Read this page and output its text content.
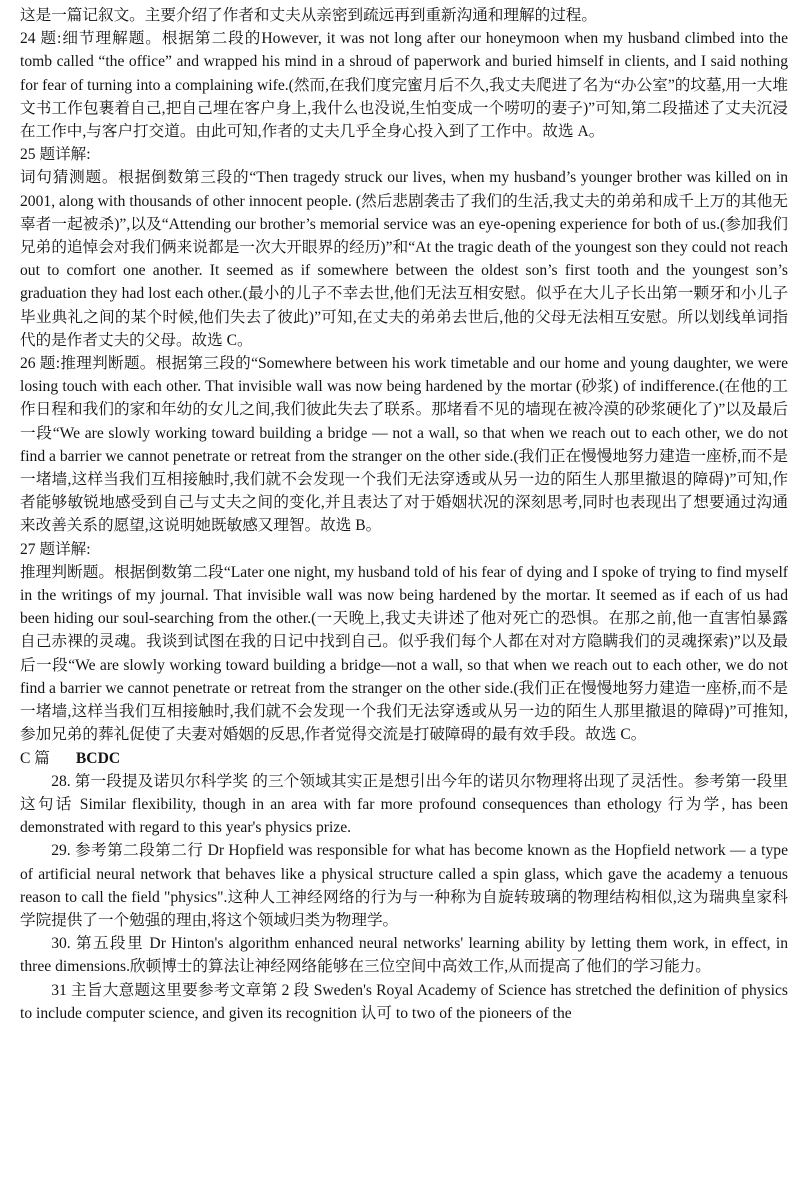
这是一篇记叙文。主要介绍了作者和丈夫从亲密到疏远再到重新沟通和理解的过程。

24 题:细节理解题。根据第二段的However, it was not long after our honeymoon when my husband climbed into the tomb called “the office” and wrapped his mind in a shroud of paperwork and buried himself in clients, and I said nothing for fear of turning into a complaining wife.(然而,在我们度完蜜月后不久,我丈夫爬进了名为“办公室”的坟墓,用一大堆文书工作包裹着自己,把自己埋在客户身上,我什么也没说,生怕变成一个唠叨的妻子)”可知,第二段描述了丈夫沉浸在工作中,与客户打交道。由此可知,作者的丈夫几乎全身心投入到了工作中。故选 A。

25 题详解:

词句猜测题。根据倒数第三段的“Then tragedy struck our lives, when my husband’s younger brother was killed on in 2001, along with thousands of other innocent people. (然后悲剧袭击了我们的生活,我丈夫的弟弟和成千上万的其他无辜者一起被杀)”,以及“Attending our brother’s memorial service was an eye-opening experience for both of us.(参加我们兄弟的追悼会对我们俩来说都是一次大开眼界的经历)”和“At the tragic death of the youngest son they could not reach out to comfort one another. It seemed as if somewhere between the oldest son’s first tooth and the youngest son’s graduation they had lost each other.(最小的儿子不幸去世,他们无法互相安慰。似乎在大儿子长出第一颗牙和小儿子毕业典礼之间的某个时候,他们失去了彼此)”可知,在丈夫的弟弟去世后,他的父母无法相互安慰。所以划线单词指代的是作者丈夫的父母。故选 C。

26 题:推理判断题。根据第三段的“Somewhere between his work timetable and our home and young daughter, we were losing touch with each other. That invisible wall was now being hardened by the mortar (砂浆) of indifference.(在他的工作日程和我们的家和年幼的女儿之间,我们彼此失去了联系。那堵看不见的墙现在被冷漠的砂浆硬化了)”以及最后一段“We are slowly working toward building a bridge — not a wall, so that when we reach out to each other, we do not find a barrier we cannot penetrate or retreat from the stranger on the other side.(我们正在慢慢地努力建造一座桥,而不是一堵墙,这样当我们互相接触时,我们就不会发现一个我们无法穿透或从另一边的陌生人那里撤退的障碍)”可知,作者能够敏锐地感受到自己与丈夫之间的变化,并且表达了对于婚姻状况的深刻思考,同时也表现出了想要通过沟通来改善关系的愿望,这说明她既敏感又理智。故选 B。

27 题详解:

推理判断题。根据倒数第二段“Later one night, my husband told of his fear of dying and I spoke of trying to find myself in the writings of my journal. That invisible wall was now being hardened by the mortar. It seemed as if each of us had been hiding our soul-searching from the other.(一天晚上,我丈夫讲述了他对死亡的恐惧。在那之前,他一直害怕暴露自己赤裸的灵魂。我谈到试图在我的日记中找到自己。似乎我们每个人都在对对方隐瞒我们的灵魂探索)”以及最后一段“We are slowly working toward building a bridge—not a wall, so that when we reach out to each other, we do not find a barrier we cannot penetrate or retreat from the stranger on the other side.(我们正在慢慢地努力建造一座桥,而不是一堵墙,这样当我们互相接触时,我们就不会发现一个我们无法穿透或从另一边的陌生人那里撤退的障碍)”可推知,参加兄弟的葬礼促使了夫妻对婚姻的反思,作者觉得交流是打破障碍的最有效手段。故选 C。

C 篇 BCDC

28. 第一段提及诺贝尔科学奖 的三个领域其实正是想引出今年的诺贝尔物理将出现了灵活性。参考第一段里这句话 Similar flexibility, though in an area with far more profound consequences than ethology 行为学, has been demonstrated with regard to this year's physics prize.

29. 参考第二段第二行 Dr Hopfield was responsible for what has become known as the Hopfield network — a type of artificial neural network that behaves like a physical structure called a spin glass, which gave the academy a tenuous reason to call the field "physics".这种人工神经网络的行为与一种称为自旋转玻璃的物理结构相似,这为瑞典皇家科学院提供了一个勉强的理由,将这个领域归类为物理学。

30. 第五段里 Dr Hinton's algorithm enhanced neural networks' learning ability by letting them work, in effect, in three dimensions.欣顿博士的算法让神经网络能够在三位空间中高效工作,从而提高了他们的学习能力。

31 主旨大意题这里要参考文章第 2 段 Sweden's Royal Academy of Science has stretched the definition of physics to include computer science, and given its recognition 认可 to two of the pioneers of the
